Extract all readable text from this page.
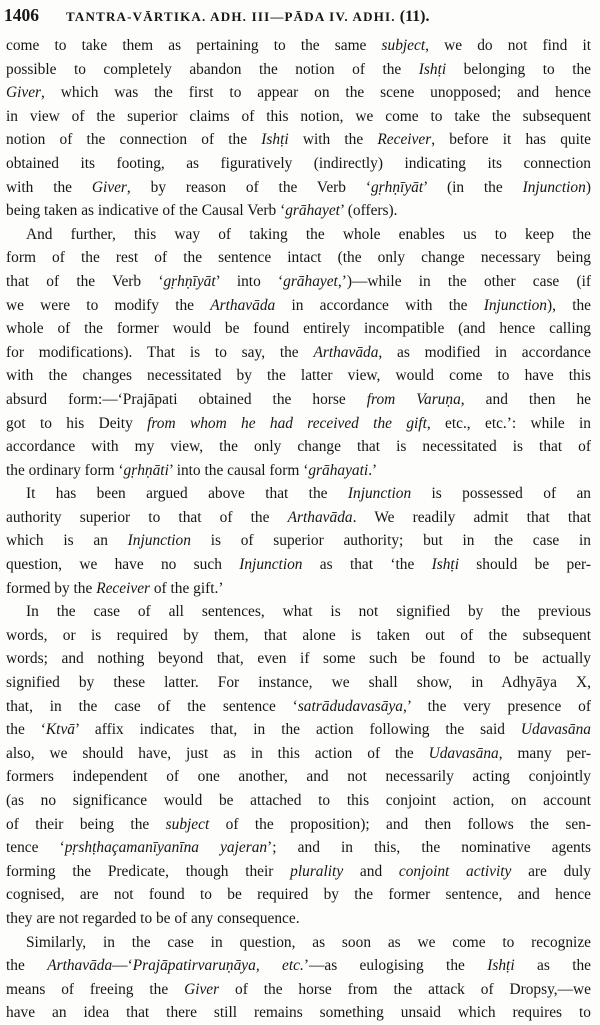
1406	TANTRA-VĀRTIKA. ADH. III—PĀDA IV. ADHI. (11).
come to take them as pertaining to the same subject, we do not find it
possible to completely abandon the notion of the Ishṭi belonging to the
Giver, which was the first to appear on the scene unopposed; and hence
in view of the superior claims of this notion, we come to take the subsequent
notion of the connection of the Ishṭi with the Receiver, before it has quite
obtained its footing, as figuratively (indirectly) indicating its connection
with the Giver, by reason of the Verb ‘gṛhṇīyāt’ (in the Injunction)
being taken as indicative of the Causal Verb ‘grāhayet’ (offers).
And further, this way of taking the whole enables us to keep the
form of the rest of the sentence intact (the only change necessary being
that of the Verb ‘gṛhṇīyāt’ into ‘grāhayet,’)—while in the other case (if
we were to modify the Arthavāda in accordance with the Injunction), the
whole of the former would be found entirely incompatible (and hence calling
for modifications). That is to say, the Arthavāda, as modified in accordance
with the changes necessitated by the latter view, would come to have this
absurd form:—‘Prajāpati obtained the horse from Varuṇa, and then he
got to his Deity from whom he had received the gift, etc., etc.’: while in
accordance with my view, the only change that is necessitated is that of
the ordinary form ‘gṛhṇāti’ into the causal form ‘grāhayati.’
It has been argued above that the Injunction is possessed of an
authority superior to that of the Arthavāda. We readily admit that that
which is an Injunction is of superior authority; but in the case in
question, we have no such Injunction as that ‘the Ishṭi should be per-
formed by the Receiver of the gift.’
In the case of all sentences, what is not signified by the previous
words, or is required by them, that alone is taken out of the subsequent
words; and nothing beyond that, even if some such be found to be actually
signified by these latter. For instance, we shall show, in Adhyāya X,
that, in the case of the sentence ‘satrādudavasāya,’ the very presence of
the ‘Ktvā’ affix indicates that, in the action following the said Udavasāna
also, we should have, just as in this action of the Udavasāna, many per-
formers independent of one another, and not necessarily acting conjointly
(as no significance would be attached to this conjoint action, on account
of their being the subject of the proposition); and then follows the sen-
tence ‘pṛshṭhaçamanīyanīna yajeran’; and in this, the nominative agents
forming the Predicate, though their plurality and conjoint activity are duly
cognised, are not found to be required by the former sentence, and hence
they are not regarded to be of any consequence.
Similarly, in the case in question, as soon as we come to recognize
the Arthavāda—‘Prajāpatirvaruṇāya, etc.’—as eulogising the Ishṭi as the
means of freeing the Giver of the horse from the attack of Dropsy,—we
have an idea that there still remains something unsaid which requires to
